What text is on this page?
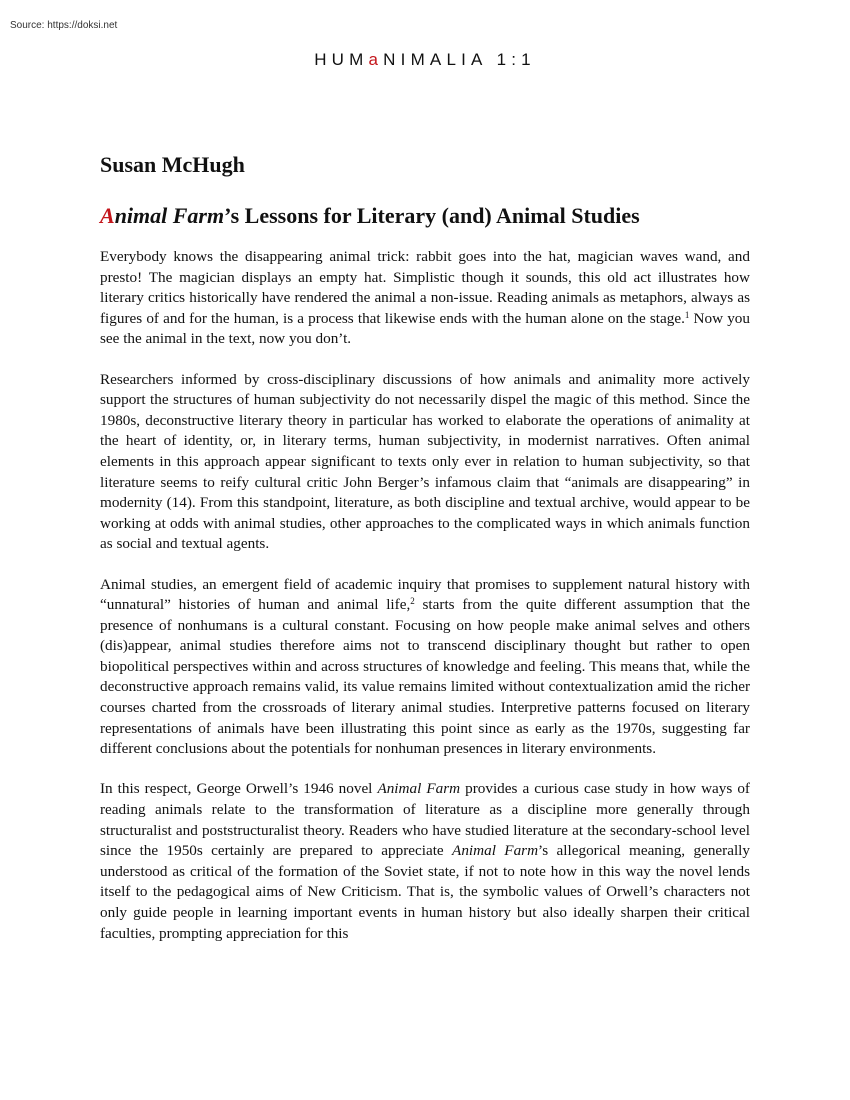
Source: https://doksi.net
HUMaNIMALIA 1:1
Susan McHugh
Animal Farm’s Lessons for Literary (and) Animal Studies

Everybody knows the disappearing animal trick: rabbit goes into the hat, magician waves wand, and presto! The magician displays an empty hat. Simplistic though it sounds, this old act illustrates how literary critics historically have rendered the animal a non-issue. Reading animals as metaphors, always as figures of and for the human, is a process that likewise ends with the human alone on the stage.$^1$ Now you see the animal in the text, now you don’t.

Researchers informed by cross-disciplinary discussions of how animals and animality more actively support the structures of human subjectivity do not necessarily dispel the magic of this method. Since the 1980s, deconstructive literary theory in particular has worked to elaborate the operations of animality at the heart of identity, or, in literary terms, human subjectivity, in modernist narratives. Often animal elements in this approach appear significant to texts only ever in relation to human subjectivity, so that literature seems to reify cultural critic John Berger’s infamous claim that “animals are disappearing” in modernity (14). From this standpoint, literature, as both discipline and textual archive, would appear to be working at odds with animal studies, other approaches to the complicated ways in which animals function as social and textual agents.

Animal studies, an emergent field of academic inquiry that promises to supplement natural history with “unnatural” histories of human and animal life,$^2$ starts from the quite different assumption that the presence of nonhumans is a cultural constant. Focusing on how people make animal selves and others (dis)appear, animal studies therefore aims not to transcend disciplinary thought but rather to open biopolitical perspectives within and across structures of knowledge and feeling. This means that, while the deconstructive approach remains valid, its value remains limited without contextualization amid the richer courses charted from the crossroads of literary animal studies. Interpretive patterns focused on literary representations of animals have been illustrating this point since as early as the 1970s, suggesting far different conclusions about the potentials for nonhuman presences in literary environments.

In this respect, George Orwell’s 1946 novel Animal Farm provides a curious case study in how ways of reading animals relate to the transformation of literature as a discipline more generally through structuralist and poststructuralist theory. Readers who have studied literature at the secondary-school level since the 1950s certainly are prepared to appreciate Animal Farm’s allegorical meaning, generally understood as critical of the formation of the Soviet state, if not to note how in this way the novel lends itself to the pedagogical aims of New Criticism. That is, the symbolic values of Orwell’s characters not only guide people in learning important events in human history but also ideally sharpen their critical faculties, prompting appreciation for this
